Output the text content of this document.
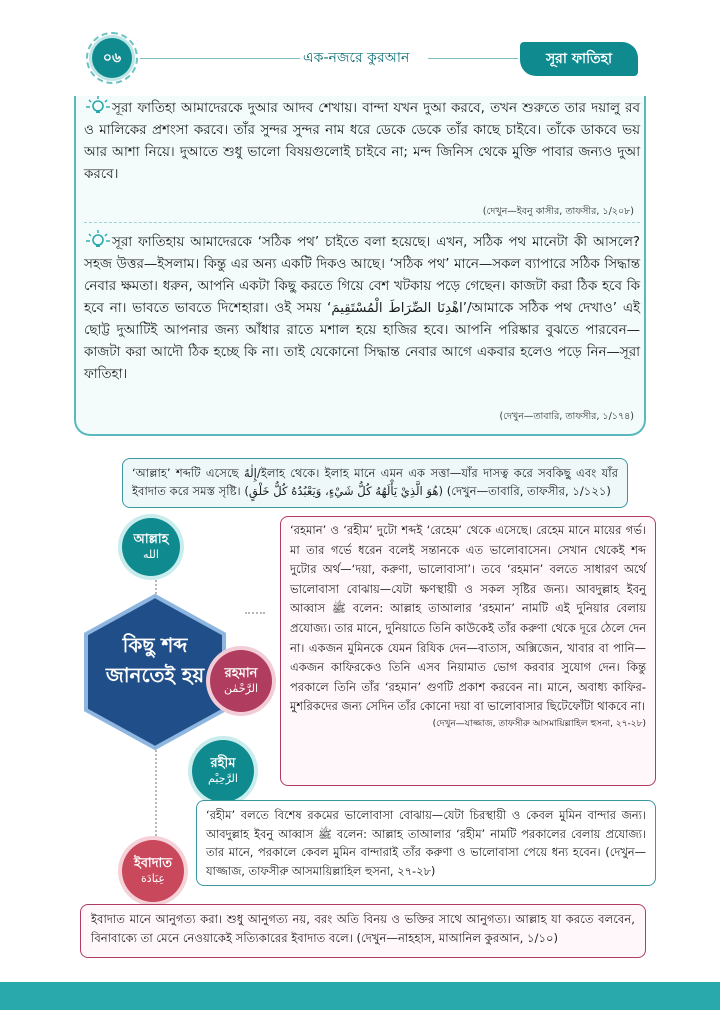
০৬	এক-নজরে কুরআন	সূরা ফাতিহা
সূরা ফাতিহা আমাদেরকে দুআর আদব শেখায়। বান্দা যখন দুআ করবে, তখন শুরুতে তার দয়ালু রব ও মালিকের প্রশংসা করবে। তাঁর সুন্দর সুন্দর নাম ধরে ডেকে ডেকে তাঁর কাছে চাইবে। তাঁকে ডাকবে ভয় আর আশা নিয়ে। দুআতে শুধু ভালো বিষয়গুলোই চাইবে না; মন্দ জিনিস থেকে মুক্তি পাবার জন্যও দুআ করবে।
(দেখুন—ইবনু কাসীর, তাফসীর, ১/২০৮)
সূরা ফাতিহায় আমাদেরকে ‘সঠিক পথ’ চাইতে বলা হয়েছে। এখন, সঠিক পথ মানেটা কী আসলে? সহজ উত্তর—ইসলাম। কিন্তু এর অন্য একটি দিকও আছে। ‘সঠিক পথ’ মানে—সকল ব্যাপারে সঠিক সিদ্ধান্ত নেবার ক্ষমতা। ধরুন, আপনি একটা কিছু করতে গিয়ে বেশ খটকায় পড়ে গেছেন। কাজটা করা ঠিক হবে কি হবে না। ভাবতে ভাবতে দিশেহারা। ওই সময় ‘اهْدِنَا الصِّرَاطَ الْمُسْتَقِيمَ’/আমাকে সঠিক পথ দেখাও’ এই ছোট্ট দুআটিই আপনার জন্য আঁধার রাতে মশাল হয়ে হাজির হবে। আপনি পরিষ্কার বুঝতে পারবেন—কাজটা করা আদৌ ঠিক হচ্ছে কি না। তাই যেকোনো সিদ্ধান্ত নেবার আগে একবার হলেও পড়ে নিন—সূরা ফাতিহা।
(দেখুন—তাবারি, তাফসীর, ১/১৭৪)
‘আল্লাহ’ শব্দটি এসেছে إِلٰهٌ/ইলাহ থেকে। ইলাহ মানে এমন এক সত্তা—যাঁর দাসত্ব করে সবকিছু এবং যাঁর ইবাদাত করে সমস্ত সৃষ্টি। (هُوَ الَّذِيْ يَأْلَهُهُ كُلُّ شَيْءٍ، وَيَعْبُدُهُ كُلُّ خَلْقٍ) (দেখুন—তাবারি, তাফসীর, ১/১২১)
আল্লাহ
الله
কিছু শব্দ
জানতেই হয়	রহমান
الرَّحْمٰن
রহীম
الرَّحِيْم
ইবাদাত
عِبَادَة
‘রহমান’ ও ‘রহীম’ দুটো শব্দই ‘রেহেম’ থেকে এসেছে। রেহেম মানে মায়ের গর্ভ। মা তার গর্ভে ধরেন বলেই সন্তানকে এত ভালোবাসেন। সেখান থেকেই শব্দ দুটোর অর্থ—‘দয়া, করুণা, ভালোবাসা’। তবে ‘রহমান’ বলতে সাধারণ অর্থে ভালোবাসা বোঝায়—যেটা ক্ষণস্থায়ী ও সকল সৃষ্টির জন্য। আবদুল্লাহ ইবনু আব্বাস ﷺ বলেন: আল্লাহ তাআলার ‘রহমান’ নামটি এই দুনিয়ার বেলায় প্রযোজ্য। তার মানে, দুনিয়াতে তিনি কাউকেই তাঁর করুণা থেকে দূরে ঠেলে দেন না। একজন মুমিনকে যেমন রিযিক দেন—বাতাস, অক্সিজেন, খাবার বা পানি—একজন কাফিরকেও তিনি এসব নিয়ামাত ভোগ করবার সুযোগ দেন। কিন্তু পরকালে তিনি তাঁর ‘রহমান’ গুণটি প্রকাশ করবেন না। মানে, অবাধ্য কাফির-মুশরিকদের জন্য সেদিন তাঁর কোনো দয়া বা ভালোবাসার ছিটেফোঁটা থাকবে না।
(দেখুন—যাজ্জাজ, তাফসীরু আসমায়িল্লাহিল হুসনা, ২৭-২৮)
‘রহীম’ বলতে বিশেষ রকমের ভালোবাসা বোঝায়—যেটা চিরস্থায়ী ও কেবল মুমিন বান্দার জন্য। আবদুল্লাহ ইবনু আব্বাস ﷺ বলেন: আল্লাহ তাআলার ‘রহীম’ নামটি পরকালের বেলায় প্রযোজ্য। তার মানে, পরকালে কেবল মুমিন বান্দারাই তাঁর করুণা ও ভালোবাসা পেয়ে ধন্য হবেন। (দেখুন—যাজ্জাজ, তাফসীরু আসমায়িল্লাহিল হুসনা, ২৭-২৮)
ইবাদাত মানে আনুগত্য করা। শুধু আনুগত্য নয়, বরং অতি বিনয় ও ভক্তির সাথে আনুগত্য। আল্লাহ যা করতে বলবেন, বিনাবাক্যে তা মেনে নেওয়াকেই সত্যিকারের ইবাদাত বলে। (দেখুন—নাহহাস, মাআনিল কুরআন, ১/১০)
